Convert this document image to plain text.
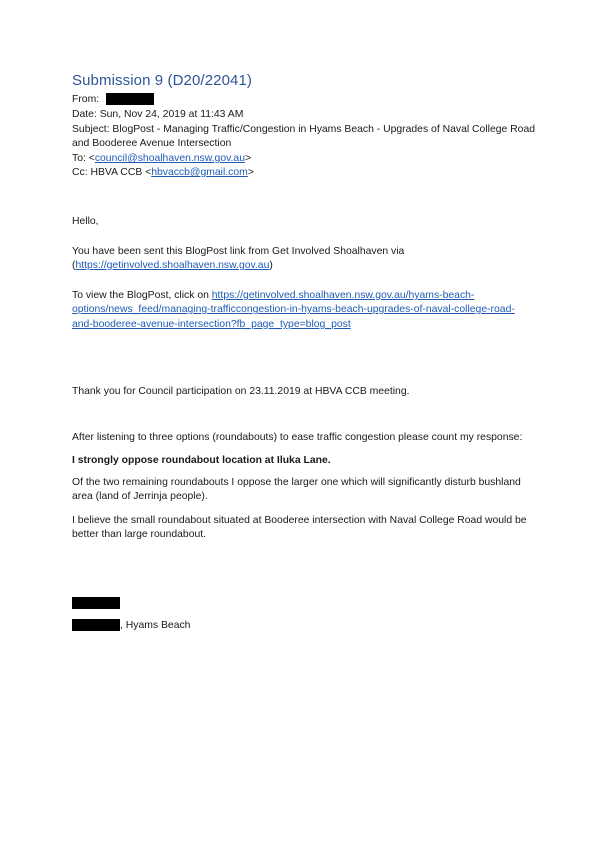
Submission 9 (D20/22041)
From:
Date: Sun, Nov 24, 2019 at 11:43 AM
Subject: BlogPost - Managing Traffic/Congestion in Hyams Beach - Upgrades of Naval College Road
and Booderee Avenue Intersection
To: <council@shoalhaven.nsw.gov.au>
Cc: HBVA CCB <hbvaccb@gmail.com>
Hello,
You have been sent this BlogPost link from Get Involved Shoalhaven via
(https://getinvolved.shoalhaven.nsw.gov.au)
To view the BlogPost, click on https://getinvolved.shoalhaven.nsw.gov.au/hyams-beach-
options/news_feed/managing-trafficcongestion-in-hyams-beach-upgrades-of-naval-college-road-
and-booderee-avenue-intersection?fb_page_type=blog_post
Thank you for Council participation on 23.11.2019 at HBVA CCB meeting.
After listening to three options (roundabouts) to ease traffic congestion please count my response:
I strongly oppose roundabout location at Iluka Lane.
Of the two remaining roundabouts I oppose the larger one which will significantly disturb bushland
area (land of Jerrinja people).
I believe the small roundabout situated at Booderee intersection with Naval College Road would be
better than large roundabout.
, Hyams Beach
